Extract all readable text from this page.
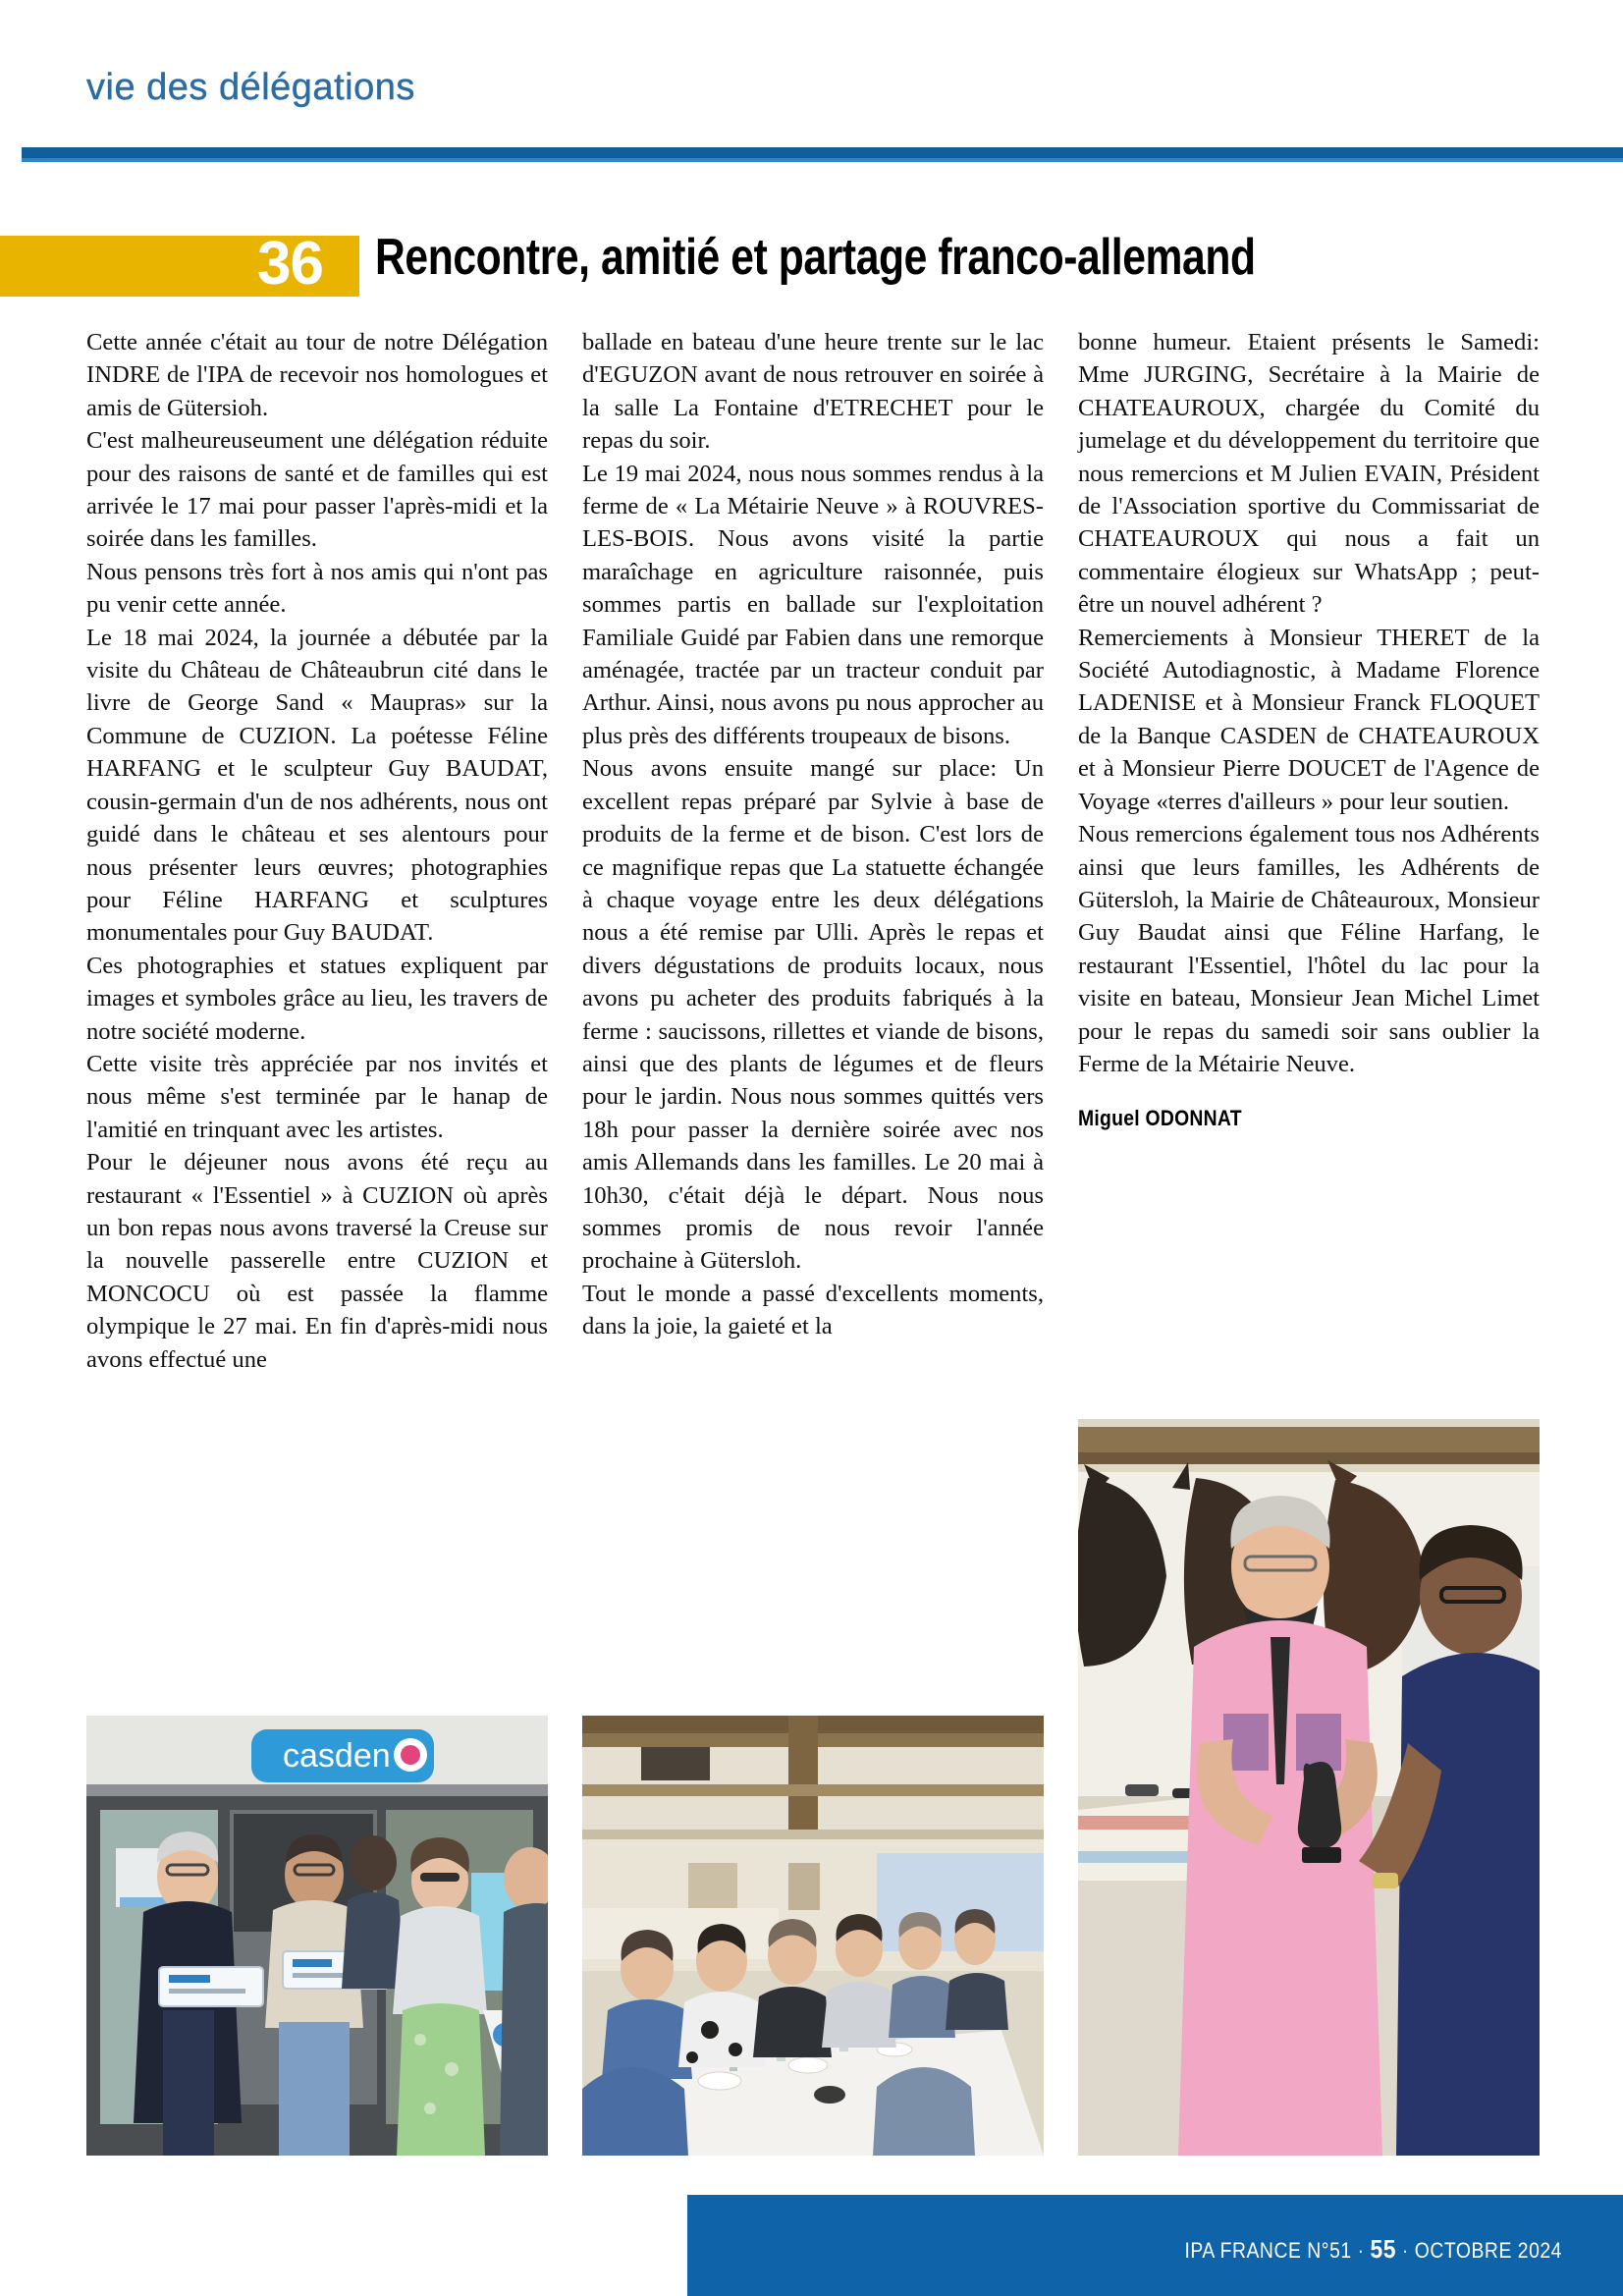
vie des délégations
36	Rencontre, amitié et partage franco-allemand

Cette année c'était au tour de notre Délégation INDRE de l'IPA de recevoir nos homologues et amis de Gütersioh.

C'est malheureuseument une délégation réduite pour des raisons de santé et de familles qui est arrivée le 17 mai pour passer l'après-midi et la soirée dans les familles.

Nous pensons très fort à nos amis qui n'ont pas pu venir cette année.

Le 18 mai 2024, la journée a débutée par la visite du Château de Châteaubrun cité dans le livre de George Sand « Maupras» sur la Commune de CUZION. La poétesse Féline HARFANG et le sculpteur Guy BAUDAT, cousin-germain d'un de nos adhérents, nous ont guidé dans le château et ses alentours pour nous présenter leurs œuvres; photographies pour Féline HARFANG et sculptures monumentales pour Guy BAUDAT.

Ces photographies et statues expliquent par images et symboles grâce au lieu, les travers de notre société moderne.

Cette visite très appréciée par nos invités et nous même s'est terminée par le hanap de l'amitié en trinquant avec les artistes.

Pour le déjeuner nous avons été reçu au restaurant « l'Essentiel » à CUZION où après un bon repas nous avons traversé la Creuse sur la nouvelle passerelle entre CUZION et MONCOCU où est passée la flamme olympique le 27 mai. En fin d'après-midi nous avons effectué une

ballade en bateau d'une heure trente sur le lac d'EGUZON avant de nous retrouver en soirée à la salle La Fontaine d'ETRECHET pour le repas du soir.

Le 19 mai 2024, nous nous sommes rendus à la ferme de « La Métairie Neuve » à ROUVRES-LES-BOIS. Nous avons visité la partie maraîchage en agriculture raisonnée, puis sommes partis en ballade sur l'exploitation Familiale Guidé par Fabien dans une remorque aménagée, tractée par un tracteur conduit par Arthur. Ainsi, nous avons pu nous approcher au plus près des différents troupeaux de bisons.

Nous avons ensuite mangé sur place: Un excellent repas préparé par Sylvie à base de produits de la ferme et de bison. C'est lors de ce magnifique repas que La statuette échangée à chaque voyage entre les deux délégations nous a été remise par Ulli. Après le repas et divers dégustations de produits locaux, nous avons pu acheter des produits fabriqués à la ferme : saucissons, rillettes et viande de bisons, ainsi que des plants de légumes et de fleurs pour le jardin. Nous nous sommes quittés vers 18h pour passer la dernière soirée avec nos amis Allemands dans les familles. Le 20 mai à 10h30, c'était déjà le départ. Nous nous sommes promis de nous revoir l'année prochaine à Gütersloh.

Tout le monde a passé d'excellents moments, dans la joie, la gaieté et la

bonne humeur. Etaient présents le Samedi: Mme JURGING, Secrétaire à la Mairie de CHATEAUROUX, chargée du Comité du jumelage et du développement du territoire que nous remercions et M Julien EVAIN, Président de l'Association sportive du Commissariat de CHATEAUROUX qui nous a fait un commentaire élogieux sur WhatsApp ; peut-être un nouvel adhérent ?

Remerciements à Monsieur THERET de la Société Autodiagnostic, à Madame Florence LADENISE et à Monsieur Franck FLOQUET de la Banque CASDEN de CHATEAUROUX et à Monsieur Pierre DOUCET de l'Agence de Voyage «terres d'ailleurs » pour leur soutien.

Nous remercions également tous nos Adhérents ainsi que leurs familles, les Adhérents de Gütersloh, la Mairie de Châteauroux, Monsieur Guy Baudat ainsi que Féline Harfang, le restaurant l'Essentiel, l'hôtel du lac pour la visite en bateau, Monsieur Jean Michel Limet pour le repas du samedi soir sans oublier la Ferme de la Métairie Neuve.

Miguel ODONNAT
casden
IPA FRANCE N°51 · 55 · OCTOBRE 2024
